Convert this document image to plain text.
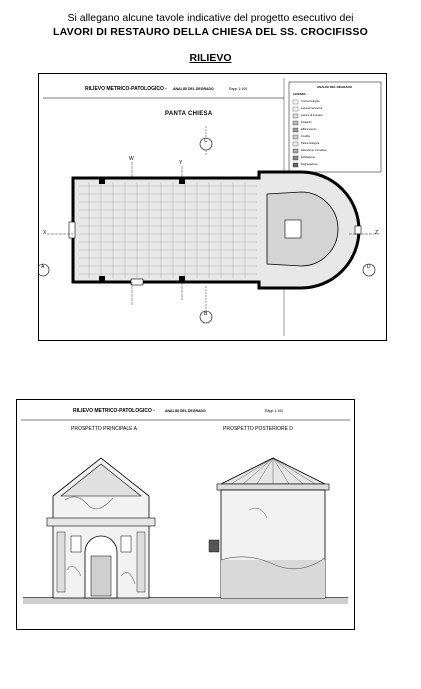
Si allegano alcune tavole indicative del progetto esecutivo dei
LAVORI DI RESTAURO DELLA CHIESA DEL SS. CROCIFISSO
RILIEVO
RILIEVO METRICO-PATOLOGICO - ANALISI DEL DEGRADO	Rapp.1:100
PANTA CHIESA
ANALISI DEL DEGRADO
LEGENDA
Crosta biologica
Lacune/mancanze
Lacune di intonaco
Distacchi
Efflorescenze
Umidità
Patina biologica
Alterazione cromatica
Esfoliazione
Disgregazione
C
B
A	D
X	Z
W
Y
RILIEVO METRICO-PATOLOGICO -	ANALISI DEL DEGRADO	Rapp.1:100
PROSPETTO PRINCIPALE A	PROSPETTO POSTERIORE D
